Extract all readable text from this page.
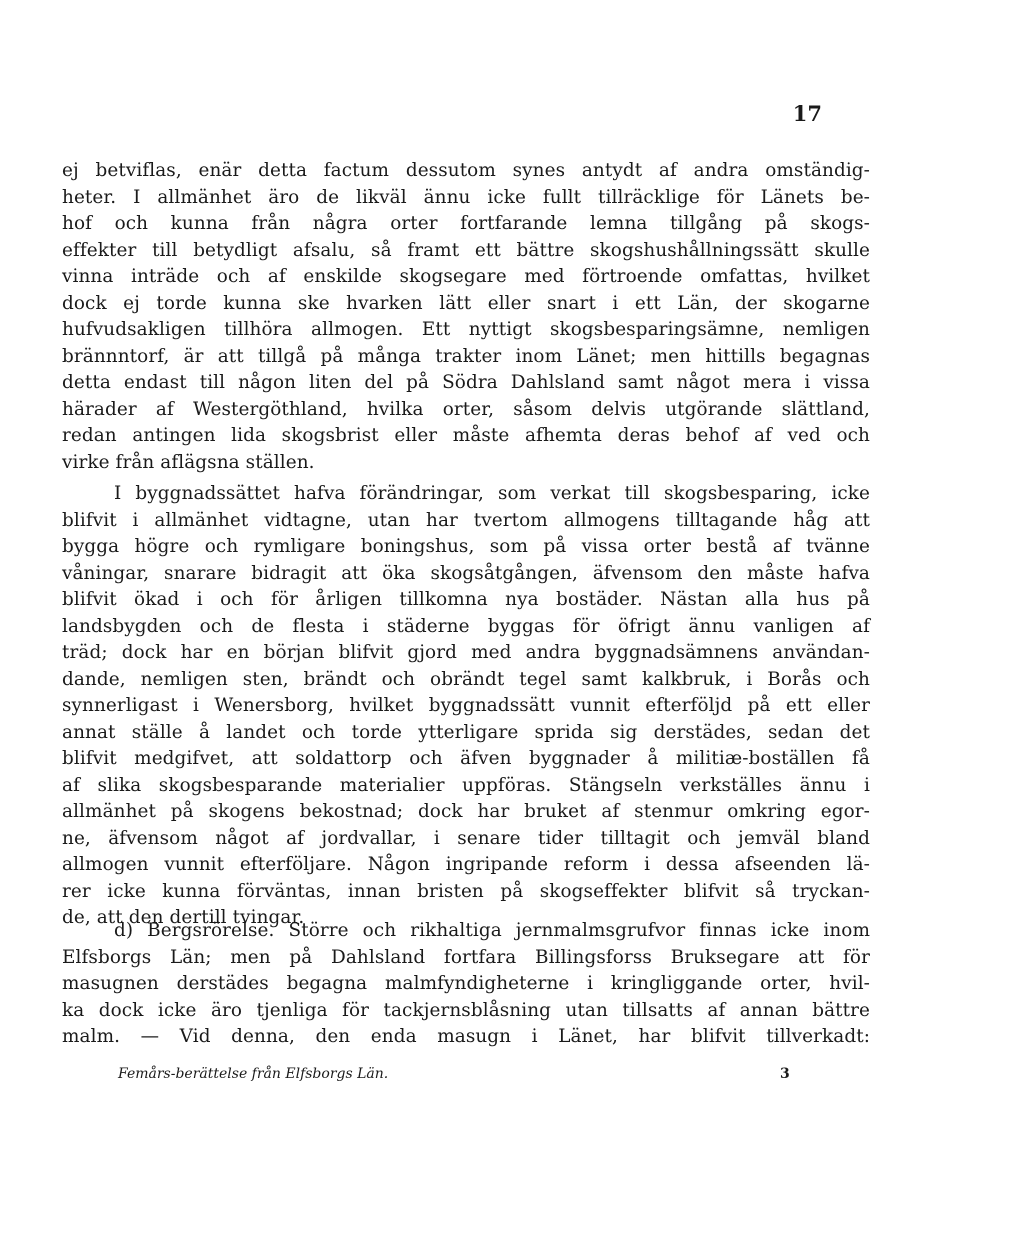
17
ej betviflas, enär detta factum dessutom synes antydt af andra omständig-
heter. I allmänhet äro de likväl ännu icke fullt tillräcklige för Länets be-
hof och kunna från några orter fortfarande lemna tillgång på skogs-
effekter till betydligt afsalu, så framt ett bättre skogshushållningssätt skulle
vinna inträde och af enskilde skogsegare med förtroende omfattas, hvilket
dock ej torde kunna ske hvarken lätt eller snart i ett Län, der skogarne
hufvudsakligen tillhöra allmogen. Ett nyttigt skogsbesparingsämne, nemligen
brännntorf, är att tillgå på många trakter inom Länet; men hittills begagnas
detta endast till någon liten del på Södra Dahlsland samt något mera i vissa
härader af Westergöthland, hvilka orter, såsom delvis utgörande slättland,
redan antingen lida skogsbrist eller måste afhemta deras behof af ved och
virke från aflägsna ställen.
I byggnadssättet hafva förändringar, som verkat till skogsbesparing, icke
blifvit i allmänhet vidtagne, utan har tvertom allmogens tilltagande håg att
bygga högre och rymligare boningshus, som på vissa orter bestå af tvänne
våningar, snarare bidragit att öka skogsåtgången, äfvensom den måste hafva
blifvit ökad i och för årligen tillkomna nya bostäder. Nästan alla hus på
landsbygden och de flesta i städerne byggas för öfrigt ännu vanligen af
träd; dock har en början blifvit gjord med andra byggnadsämnens användan-
dande, nemligen sten, brändt och obrändt tegel samt kalkbruk, i Borås och
synnerligast i Wenersborg, hvilket byggnadssätt vunnit efterföljd på ett eller
annat ställe å landet och torde ytterligare sprida sig derstädes, sedan det
blifvit medgifvet, att soldattorp och äfven byggnader å militiæ-boställen få
af slika skogsbesparande materialier uppföras. Stängseln verkställes ännu i
allmänhet på skogens bekostnad; dock har bruket af stenmur omkring egor-
ne, äfvensom något af jordvallar, i senare tider tilltagit och jemväl bland
allmogen vunnit efterföljare. Någon ingripande reform i dessa afseenden lä-
rer icke kunna förväntas, innan bristen på skogseffekter blifvit så tryckan-
de, att den dertill tvingar.
d) Bergsrörelse. Större och rikhaltiga jernmalmsgrufvor finnas icke inom
Elfsborgs Län; men på Dahlsland fortfara Billingsforss Bruksegare att för
masugnen derstädes begagna malmfyndigheterne i kringliggande orter, hvil-
ka dock icke äro tjenliga för tackjernsblåsning utan tillsatts af annan bättre
malm. — Vid denna, den enda masugn i Länet, har blifvit tillverkadt:
Femårs-berättelse från Elfsborgs Län.	3
